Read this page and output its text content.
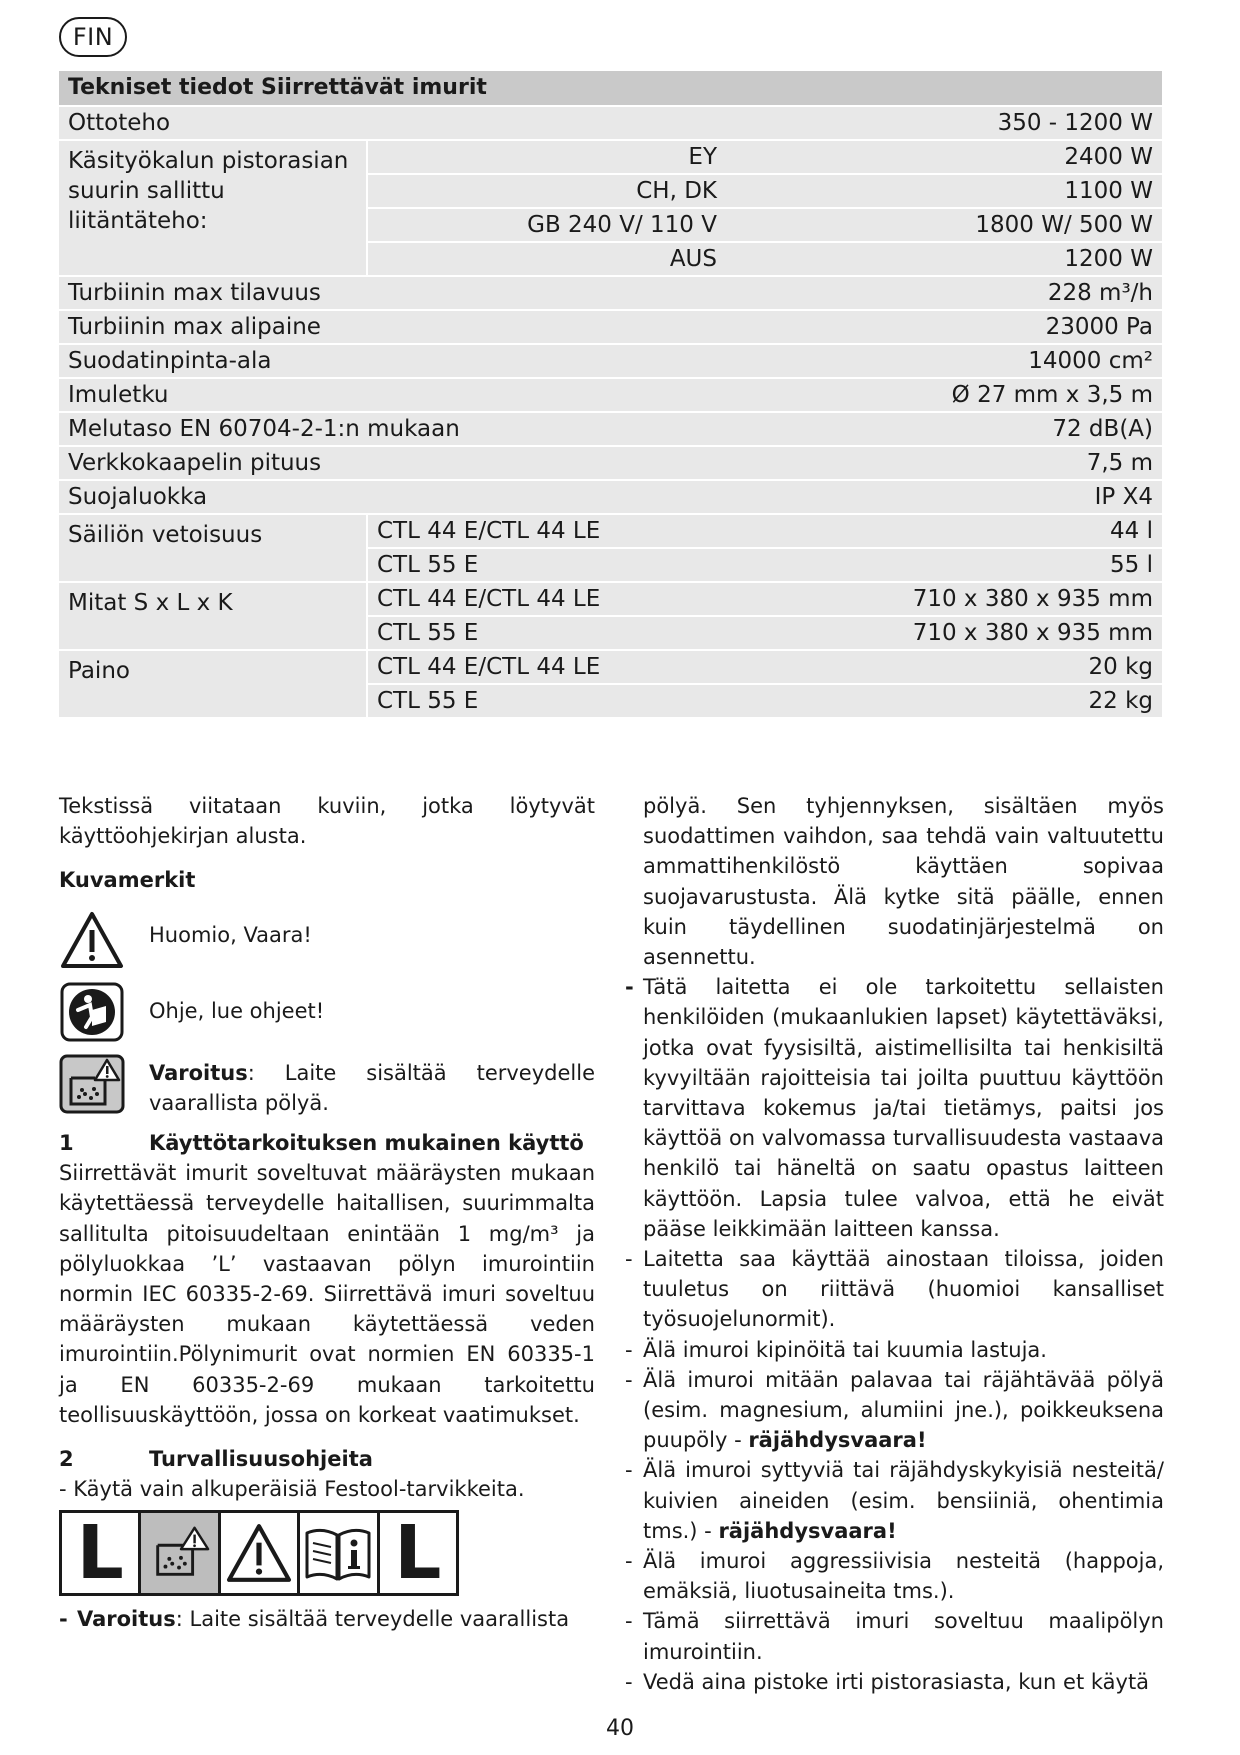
FIN
Tekniset tiedot Siirrettävät imurit		
Ottoteho		350 - 1200 W
Käsityökalun pistorasian suurin sallittu liitäntäteho:	EY	2400 W
	CH, DK	1100 W
	GB 240 V/ 110 V	1800 W/ 500 W
	AUS	1200 W
Turbiinin max tilavuus		228 m³/h
Turbiinin max alipaine		23000 Pa
Suodatinpinta-ala		14000 cm²
Imuletku		Ø 27 mm x 3,5 m
Melutaso EN 60704-2-1:n mukaan		72 dB(A)
Verkkokaapelin pituus		7,5 m
Suojaluokka		IP X4
Säiliön vetoisuus	CTL 44 E/CTL 44 LE	44 l
	CTL 55 E	55 l
Mitat S x L x K	CTL 44 E/CTL 44 LE	710 x 380 x 935 mm
	CTL 55 E	710 x 380 x 935 mm
Paino	CTL 44 E/CTL 44 LE	20 kg
	CTL 55 E	22 kg

Tekstissä viitataan kuviin, jotka löytyvät käyttöohjekirjan alusta.

Kuvamerkit

Huomio, Vaara!
Ohje, lue ohjeet!
Varoitus: Laite sisältää terveydelle vaarallista pölyä.
1	Käyttötarkoituksen mukainen käyttö

Siirrettävät imurit soveltuvat määräysten mukaan käytettäessä terveydelle haitallisen, suurimmalta sallitulta pitoisuudeltaan enintään 1 mg/m³ ja pölyluokkaa ’L’ vastaavan pölyn imurointiin normin IEC 60335-2-69. Siirrettävä imuri soveltuu määräysten mukaan käytettäessä veden imurointiin.Pölynimurit ovat normien EN 60335-1 ja EN 60335-2-69 mukaan tarkoitettu teollisuuskäyttöön, jossa on korkeat vaatimukset.

2	Turvallisuusohjeita

- Käytä vain alkuperäisiä Festool-tarvikkeita.

L	L
- Varoitus: Laite sisältää terveydelle vaarallista

pölyä. Sen tyhjennyksen, sisältäen myös suodattimen vaihdon, saa tehdä vain valtuutettu ammattihenkilöstö käyttäen sopivaa suojavarustusta. Älä kytke sitä päälle, ennen kuin täydellinen suodatinjärjestelmä on asennettu.

- Tätä laitetta ei ole tarkoitettu sellaisten henkilöiden (mukaanlukien lapset) käytettäväksi, jotka ovat fyysisiltä, aistimellisilta tai henkisiltä kyvyiltään rajoitteisia tai joilta puuttuu käyttöön tarvittava kokemus ja/tai tietämys, paitsi jos käyttöä on valvomassa turvallisuudesta vastaava henkilö tai häneltä on saatu opastus laitteen käyttöön. Lapsia tulee valvoa, että he eivät pääse leikkimään laitteen kanssa.
- Laitetta saa käyttää ainostaan tiloissa, joiden tuuletus on riittävä (huomioi kansalliset työsuojelunormit).
- Älä imuroi kipinöitä tai kuumia lastuja.
- Älä imuroi mitään palavaa tai räjähtävää pölyä (esim. magnesium, alumiini jne.), poikkeuksena puupöly - räjähdysvaara!
- Älä imuroi syttyviä tai räjähdyskykyisiä nesteitä/ kuivien aineiden (esim. bensiiniä, ohentimia tms.) - räjähdysvaara!
- Älä imuroi aggressiivisia nesteitä (happoja, emäksiä, liuotusaineita tms.).
- Tämä siirrettävä imuri soveltuu maalipölyn imurointiin.
- Vedä aina pistoke irti pistorasiasta, kun et käytä
40
